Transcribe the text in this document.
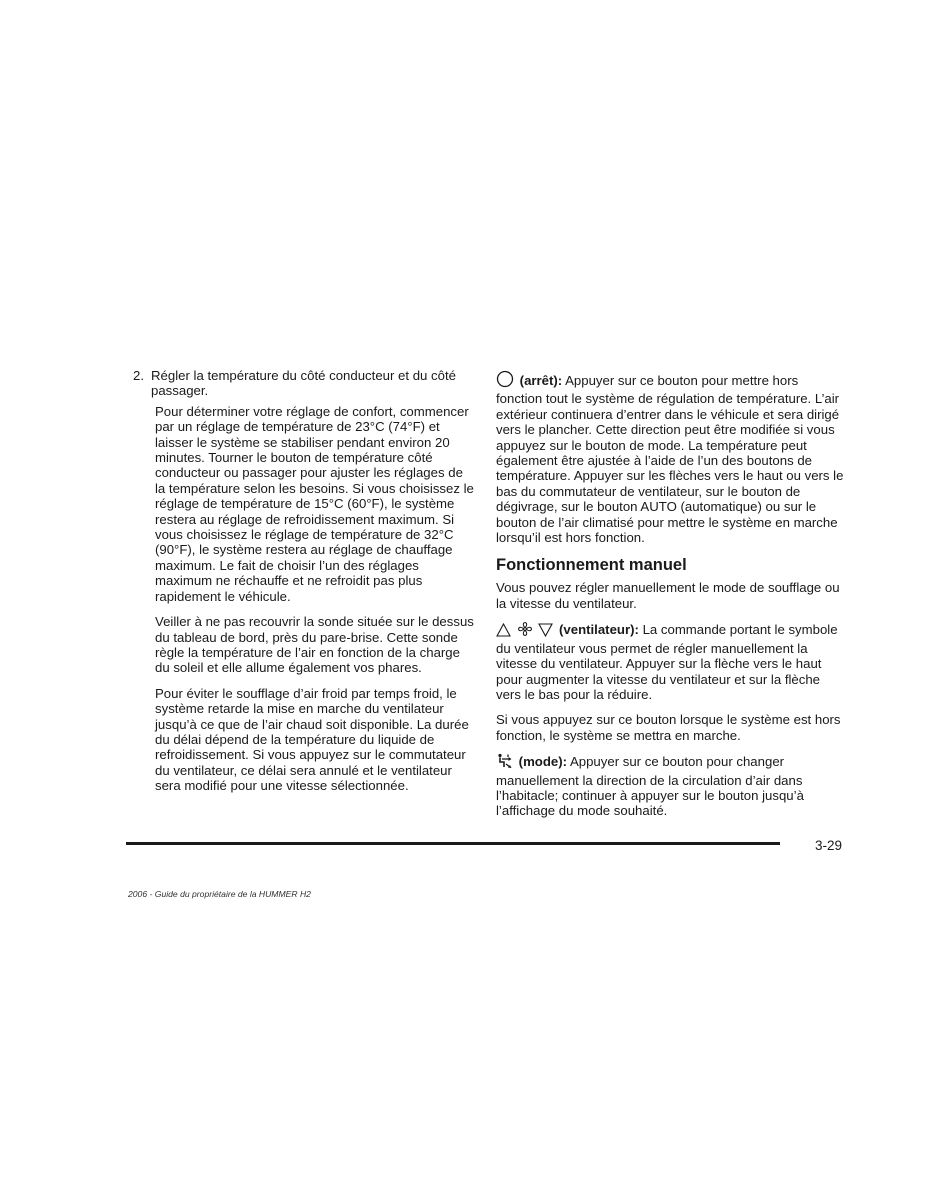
2. Régler la température du côté conducteur et du côté passager.

Pour déterminer votre réglage de confort, commencer par un réglage de température de 23°C (74°F) et laisser le système se stabiliser pendant environ 20 minutes. Tourner le bouton de température côté conducteur ou passager pour ajuster les réglages de la température selon les besoins. Si vous choisissez le réglage de température de 15°C (60°F), le système restera au réglage de refroidissement maximum. Si vous choisissez le réglage de température de 32°C (90°F), le système restera au réglage de chauffage maximum. Le fait de choisir l’un des réglages maximum ne réchauffe et ne refroidit pas plus rapidement le véhicule.

Veiller à ne pas recouvrir la sonde située sur le dessus du tableau de bord, près du pare-brise. Cette sonde règle la température de l’air en fonction de la charge du soleil et elle allume également vos phares.

Pour éviter le soufflage d’air froid par temps froid, le système retarde la mise en marche du ventilateur jusqu’à ce que de l’air chaud soit disponible. La durée du délai dépend de la température du liquide de refroidissement. Si vous appuyez sur le commutateur du ventilateur, ce délai sera annulé et le ventilateur sera modifié pour une vitesse sélectionnée.

(arrêt): Appuyer sur ce bouton pour mettre hors fonction tout le système de régulation de température. L’air extérieur continuera d’entrer dans le véhicule et sera dirigé vers le plancher. Cette direction peut être modifiée si vous appuyez sur le bouton de mode. La température peut également être ajustée à l’aide de l’un des boutons de température. Appuyer sur les flèches vers le haut ou vers le bas du commutateur de ventilateur, sur le bouton de dégivrage, sur le bouton AUTO (automatique) ou sur le bouton de l’air climatisé pour mettre le système en marche lorsqu’il est hors fonction.

Fonctionnement manuel

Vous pouvez régler manuellement le mode de soufflage ou la vitesse du ventilateur.

(ventilateur): La commande portant le symbole du ventilateur vous permet de régler manuellement la vitesse du ventilateur. Appuyer sur la flèche vers le haut pour augmenter la vitesse du ventilateur et sur la flèche vers le bas pour la réduire.

Si vous appuyez sur ce bouton lorsque le système est hors fonction, le système se mettra en marche.

(mode): Appuyer sur ce bouton pour changer manuellement la direction de la circulation d’air dans l’habitacle; continuer à appuyer sur le bouton jusqu’à l’affichage du mode souhaité.

3-29
2006 - Guide du propriétaire de la HUMMER H2
